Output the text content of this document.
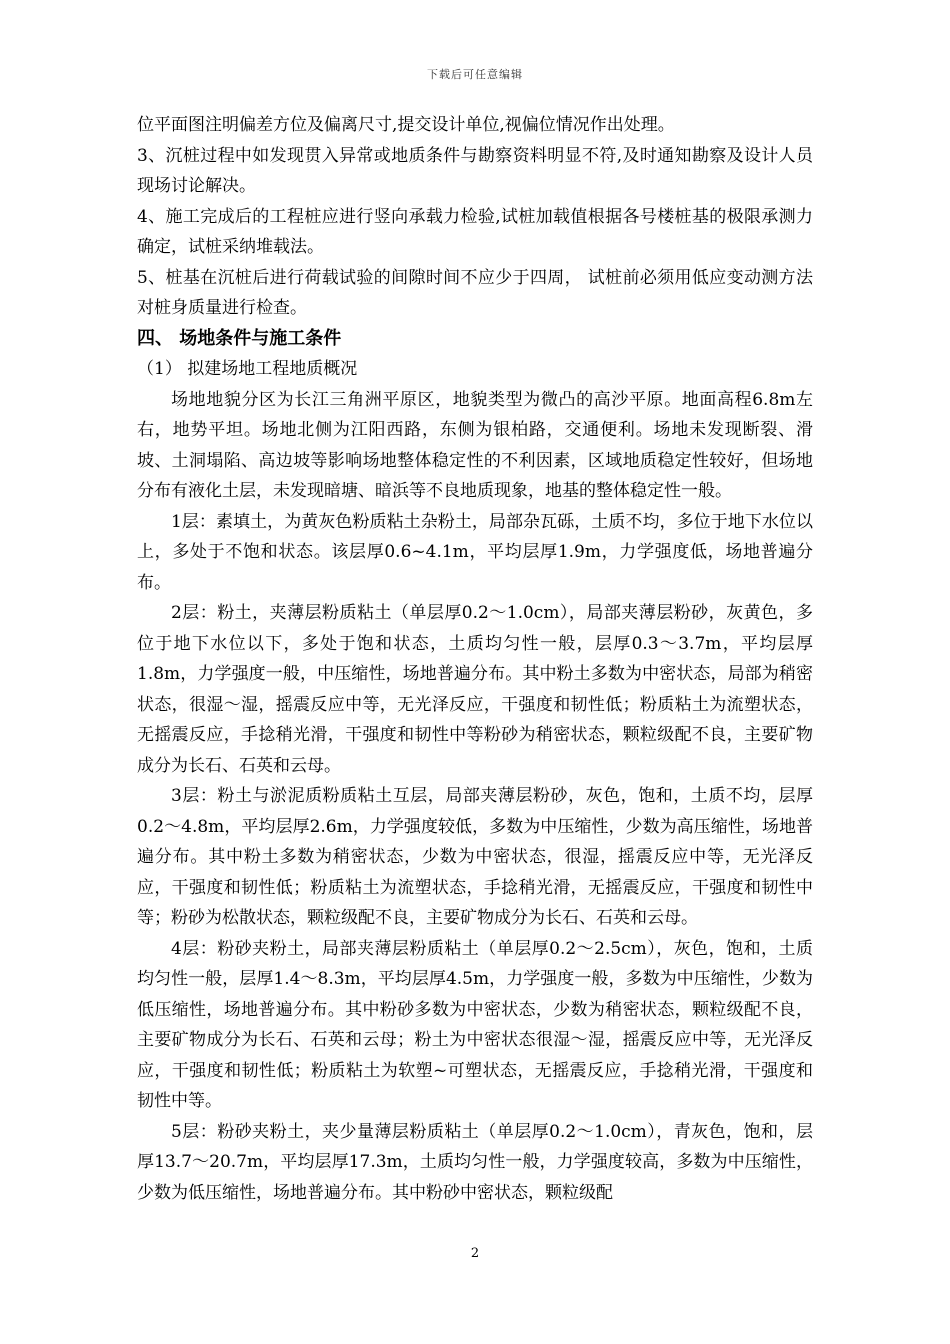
下载后可任意编辑

位平面图注明偏差方位及偏离尺寸,提交设计单位,视偏位情况作出处理。

3、沉桩过程中如发现贯入异常或地质条件与勘察资料明显不符,及时通知勘察及设计人员现场讨论解决。

4、施工完成后的工程桩应进行竖向承载力检验,试桩加载值根据各号楼桩基的极限承测力确定，试桩采纳堆载法。

5、桩基在沉桩后进行荷载试验的间隙时间不应少于四周， 试桩前必须用低应变动测方法对桩身质量进行检查。

四、 场地条件与施工条件

（1） 拟建场地工程地质概况

场地地貌分区为长江三角洲平原区，地貌类型为微凸的高沙平原。地面高程6.8m左右，地势平坦。场地北侧为江阳西路，东侧为银柏路，交通便利。场地未发现断裂、滑坡、土洞塌陷、高边坡等影响场地整体稳定性的不利因素，区域地质稳定性较好，但场地分布有液化土层，未发现暗塘、暗浜等不良地质现象，地基的整体稳定性一般。

1层：素填土，为黄灰色粉质粘土杂粉土，局部杂瓦砾，土质不均，多位于地下水位以上，多处于不饱和状态。该层厚0.6~4.1m，平均层厚1.9m，力学强度低，场地普遍分布。

2层：粉土，夹薄层粉质粘土（单层厚0.2～1.0cm），局部夹薄层粉砂，灰黄色，多位于地下水位以下，多处于饱和状态，土质均匀性一般，层厚0.3～3.7m，平均层厚1.8m，力学强度一般，中压缩性，场地普遍分布。其中粉土多数为中密状态，局部为稍密状态，很湿～湿，摇震反应中等，无光泽反应，干强度和韧性低；粉质粘土为流塑状态，无摇震反应，手捻稍光滑，干强度和韧性中等粉砂为稍密状态，颗粒级配不良，主要矿物成分为长石、石英和云母。

3层：粉土与淤泥质粉质粘土互层，局部夹薄层粉砂，灰色，饱和，土质不均，层厚0.2～4.8m，平均层厚2.6m，力学强度较低，多数为中压缩性，少数为高压缩性，场地普遍分布。其中粉土多数为稍密状态，少数为中密状态，很湿，摇震反应中等，无光泽反应，干强度和韧性低；粉质粘土为流塑状态，手捻稍光滑，无摇震反应，干强度和韧性中等；粉砂为松散状态，颗粒级配不良，主要矿物成分为长石、石英和云母。

4层：粉砂夹粉土，局部夹薄层粉质粘土（单层厚0.2～2.5cm），灰色，饱和，土质均匀性一般，层厚1.4～8.3m，平均层厚4.5m，力学强度一般，多数为中压缩性，少数为低压缩性，场地普遍分布。其中粉砂多数为中密状态，少数为稍密状态，颗粒级配不良，主要矿物成分为长石、石英和云母；粉土为中密状态很湿～湿，摇震反应中等，无光泽反应，干强度和韧性低；粉质粘土为软塑~可塑状态，无摇震反应，手捻稍光滑，干强度和韧性中等。

5层：粉砂夹粉土，夹少量薄层粉质粘土（单层厚0.2～1.0cm），青灰色，饱和，层厚13.7～20.7m，平均层厚17.3m，土质均匀性一般，力学强度较高，多数为中压缩性，少数为低压缩性，场地普遍分布。其中粉砂中密状态，颗粒级配

2
